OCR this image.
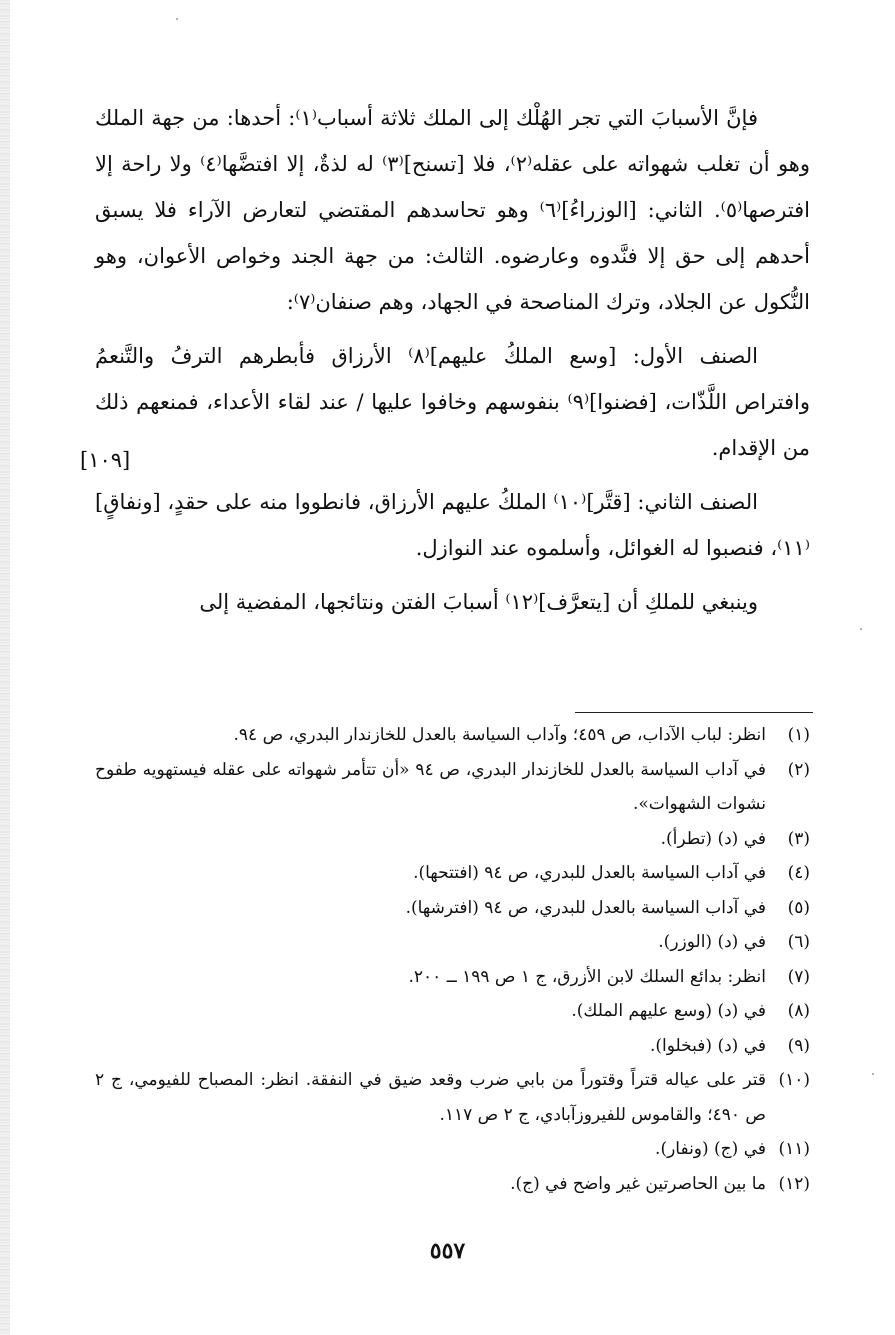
فإنَّ الأسبابَ التي تجر الهُلْك إلى الملك ثلاثة أسباب⁽١⁾: أحدها: من جهة الملك وهو أن تغلب شهواته على عقله⁽٢⁾، فلا [تسنح]⁽٣⁾ له لذةٌ، إلا افتضَّها⁽٤⁾ ولا راحة إلا افترصها⁽٥⁾. الثاني: [الوزراءُ]⁽٦⁾ وهو تحاسدهم المقتضي لتعارض الآراء فلا يسبق أحدهم إلى حق إلا فنَّدوه وعارضوه. الثالث: من جهة الجند وخواص الأعوان، وهو النُّكول عن الجلاد، وترك المناصحة في الجهاد، وهم صنفان⁽٧⁾:

الصنف الأول: [وسع الملكُ عليهم]⁽٨⁾ الأرزاق فأبطرهم الترفُ والتَّنعمُ وافتراص اللَّذّات، [فضنوا]⁽٩⁾ بنفوسهم وخافوا عليها / عند لقاء الأعداء، فمنعهم ذلك من الإقدام.

الصنف الثاني: [قتَّر]⁽١٠⁾ الملكُ عليهم الأرزاق، فانطووا منه على حقدٍ، [ونفاقٍ]⁽١١⁾، فنصبوا له الغوائل، وأسلموه عند النوازل.

وينبغي للملكِ أن [يتعرَّف]⁽١٢⁾ أسبابَ الفتن ونتائجها، المفضية إلى

[١٠٩]
(١)
انظر: لباب الآداب، ص ٤٥٩؛ وآداب السياسة بالعدل للخازندار البدري، ص ٩٤.
(٢)
في آداب السياسة بالعدل للخازندار البدري، ص ٩٤ «أن تتأمر شهواته على عقله فيستهويه طفوح نشوات الشهوات».
(٣)
في (د) (تطرأ).
(٤)
في آداب السياسة بالعدل للبدري، ص ٩٤ (افتتحها).
(٥)
في آداب السياسة بالعدل للبدري، ص ٩٤ (افترشها).
(٦)
في (د) (الوزر).
(٧)
انظر: بدائع السلك لابن الأزرق، ج ١ ص ١٩٩ ــ ٢٠٠.
(٨)
في (د) (وسع عليهم الملك).
(٩)
في (د) (فبخلوا).
(١٠)
قتر على عياله قتراً وقتوراً من بابي ضرب وقعد ضيق في النفقة. انظر: المصباح للفيومي، ج ٢ ص ٤٩٠؛ والقاموس للفيروزآبادي، ج ٢ ص ١١٧.
(١١)
في (ج) (ونفار).
(١٢)
ما بين الحاصرتين غير واضح في (ج).
٥٥٧
